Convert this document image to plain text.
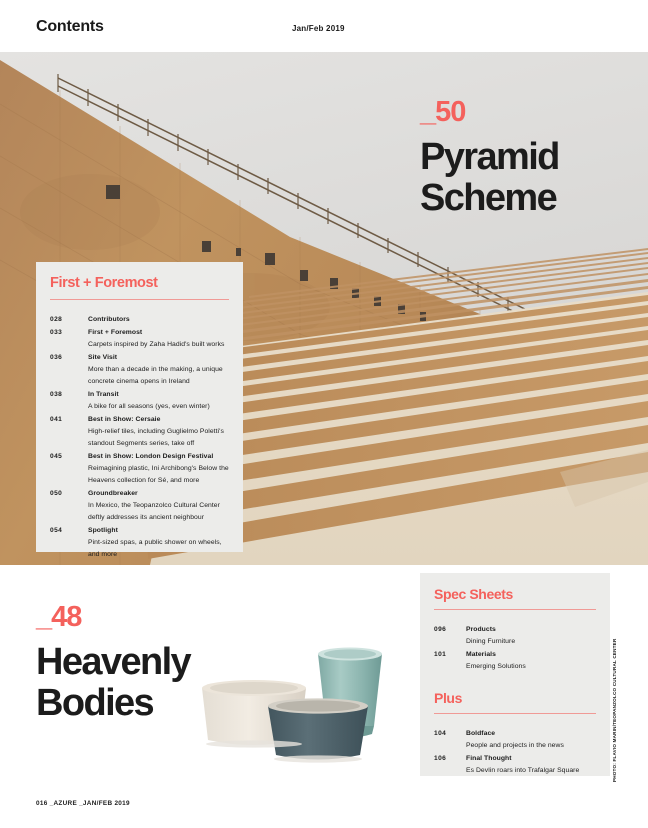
Contents	Jan/Feb 2019
_50
Pyramid
Scheme
First + Foremost
028	Contributors
033	First + Foremost
Carpets inspired by Zaha Hadid's built works
036	Site Visit
More than a decade in the making, a unique concrete cinema opens in Ireland
038	In Transit
A bike for all seasons (yes, even winter)
041	Best in Show: Cersaie
High-relief tiles, including Guglielmo Poletti's standout Segments series, take off
045	Best in Show: London Design Festival
Reimagining plastic, Ini Archibong's Below the Heavens collection for Sé, and more
050	Groundbreaker
In Mexico, the Teopanzolco Cultural Center deftly addresses its ancient neighbour
054	Spotlight
Pint-sized spas, a public shower on wheels, and more
Spec Sheets
096	Products
Dining Furniture
101	Materials
Emerging Solutions
Plus
104	Boldface
People and projects in the news
106	Final Thought
Es Devlin roars into Trafalgar Square
_48
Heavenly
Bodies	PHOTO: FLAVIO MARIN/TEOPANZOLCO CULTURAL CENTER
016 _AZURE _JAN/FEB 2019
